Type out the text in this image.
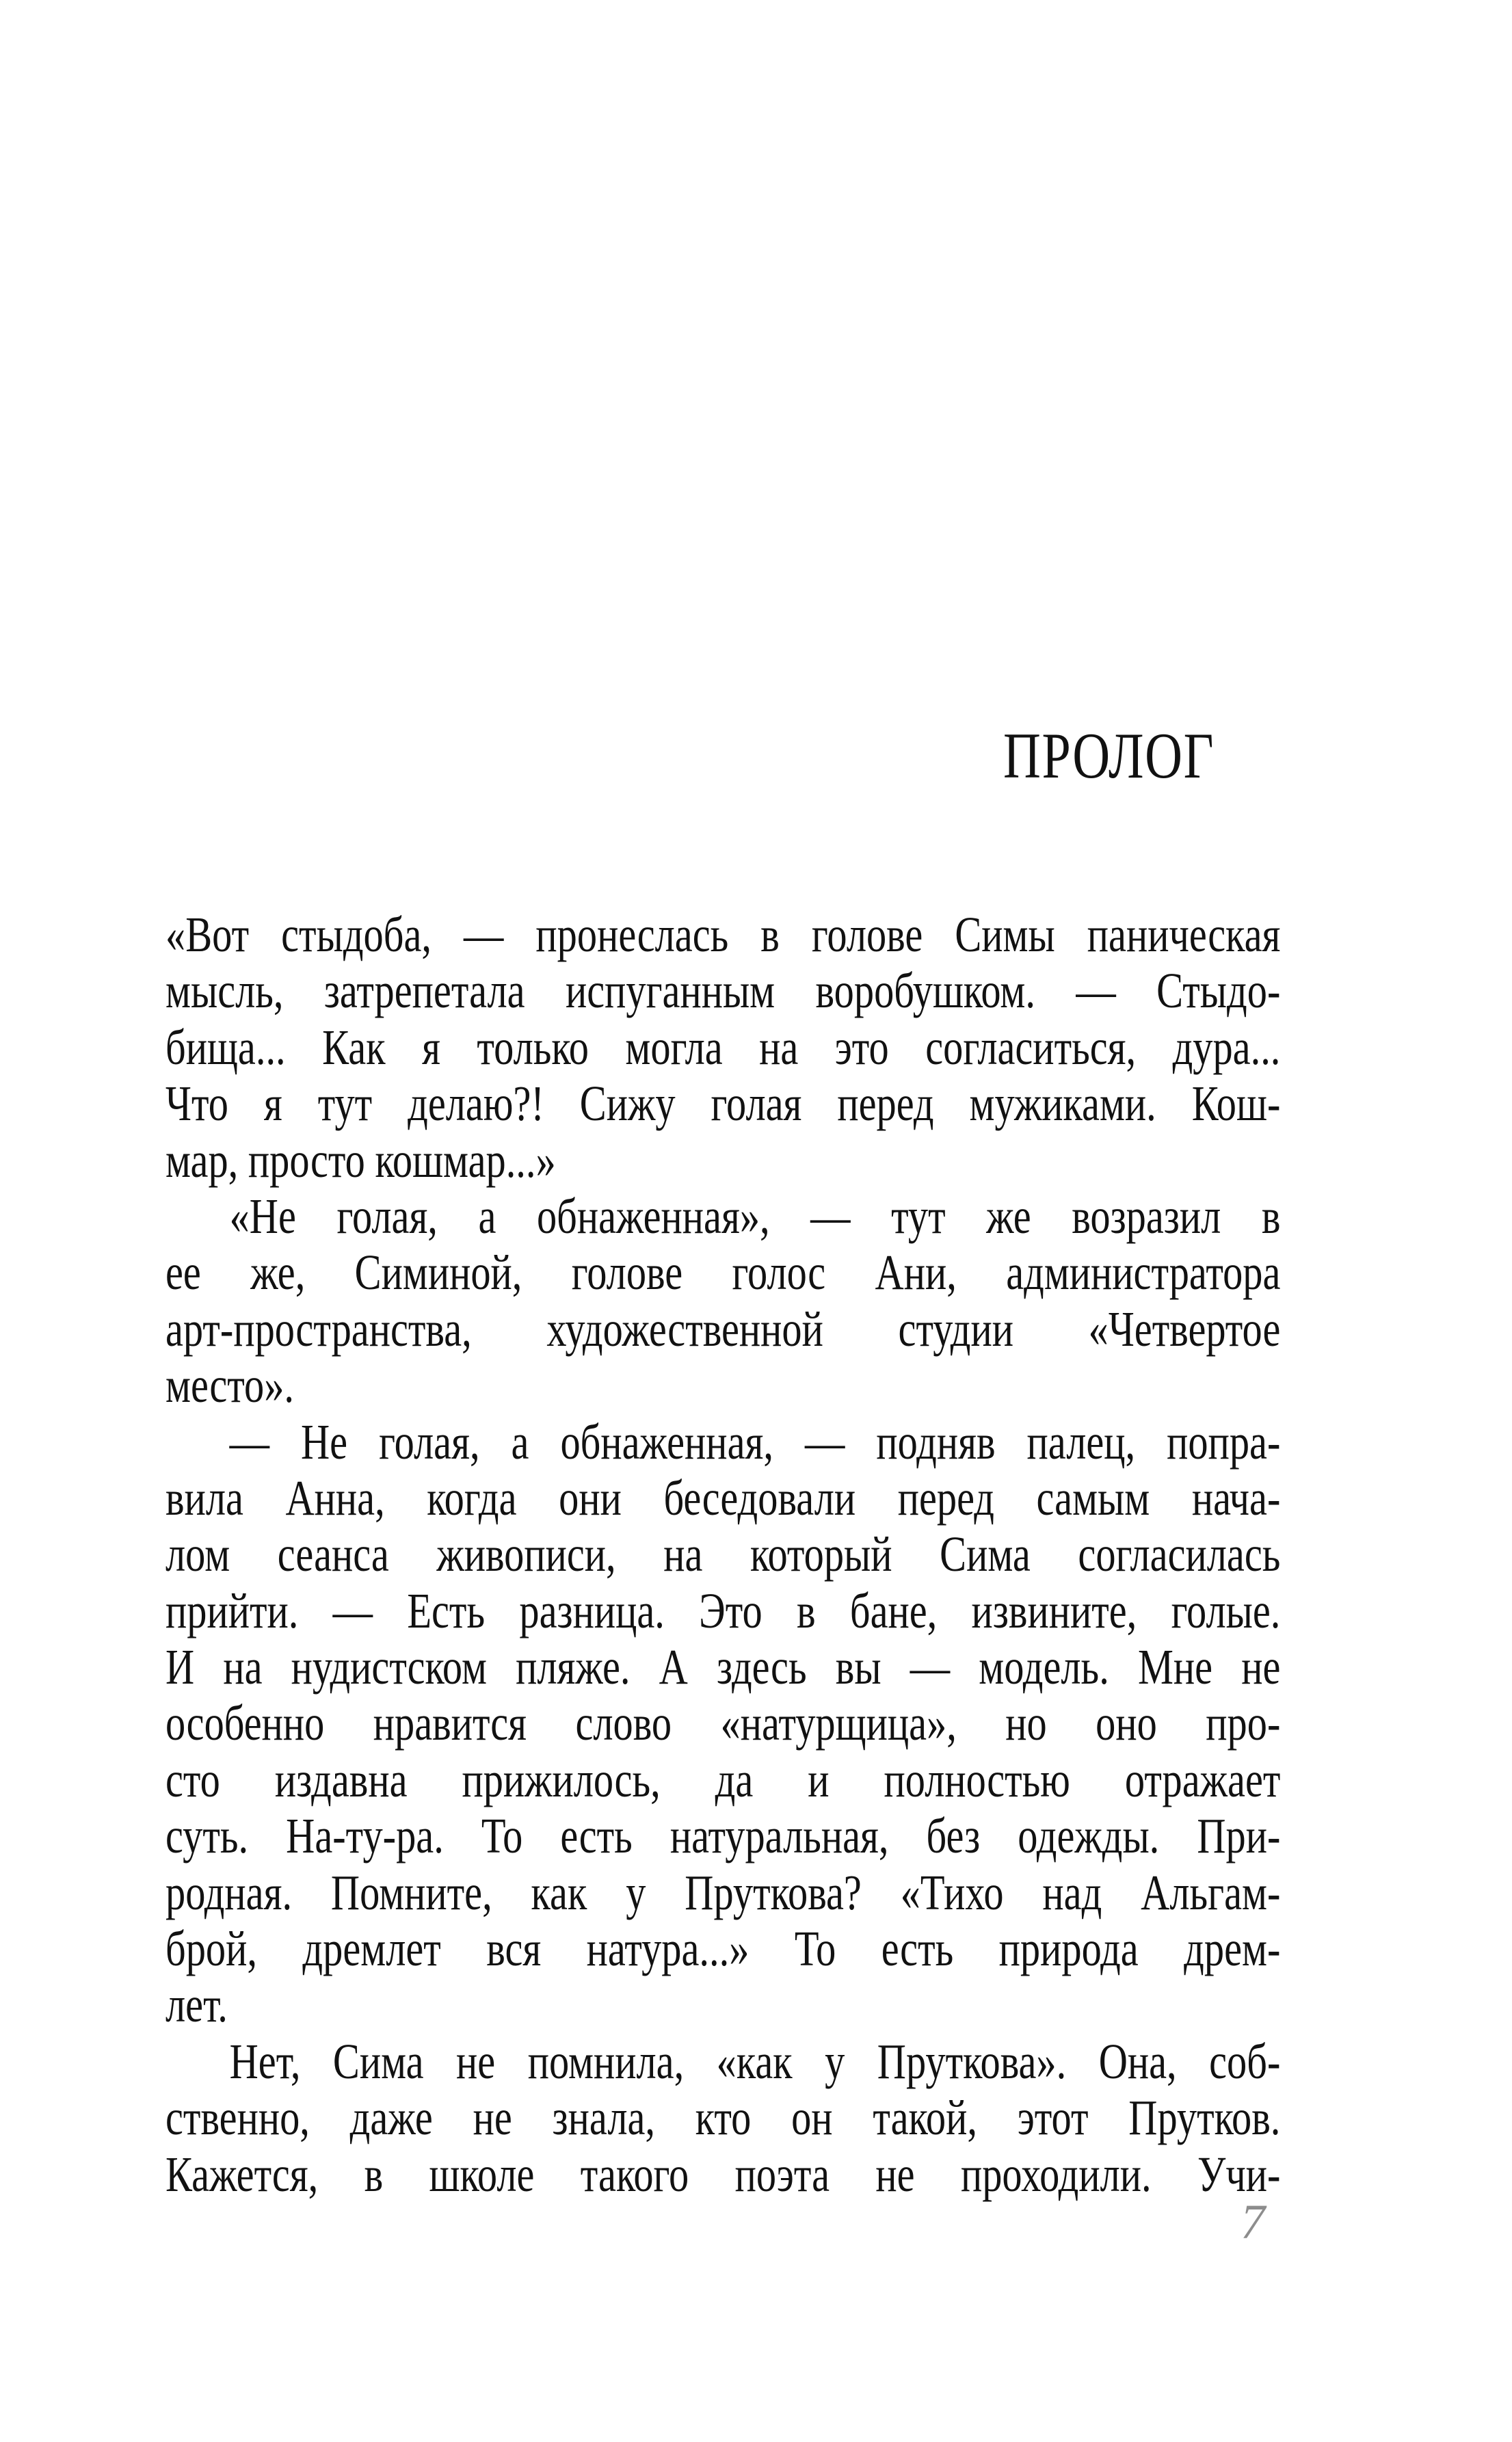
ПРОЛОГ
«Вот стыдоба, — пронеслась в голове Симы паническая
мысль, затрепетала испуганным воробушком. — Стыдо-
бища... Как я только могла на это согласиться, дура...
Что я тут делаю?! Сижу голая перед мужиками. Кош-
мар, просто кошмар...»
«Не голая, а обнаженная», — тут же возразил в
ее же, Симиной, голове голос Ани, администратора
арт-пространства, художественной студии «Четвертое
место».
— Не голая, а обнаженная, — подняв палец, попра-
вила Анна, когда они беседовали перед самым нача-
лом сеанса живописи, на который Сима согласилась
прийти. — Есть разница. Это в бане, извините, голые.
И на нудистском пляже. А здесь вы — модель. Мне не
особенно нравится слово «натурщица», но оно про-
сто издавна прижилось, да и полностью отражает
суть. На-ту-ра. То есть натуральная, без одежды. При-
родная. Помните, как у Пруткова? «Тихо над Альгам-
брой, дремлет вся натура...» То есть природа дрем-
лет.
Нет, Сима не помнила, «как у Пруткова». Она, соб-
ственно, даже не знала, кто он такой, этот Прутков.
Кажется, в школе такого поэта не проходили. Учи-
7
